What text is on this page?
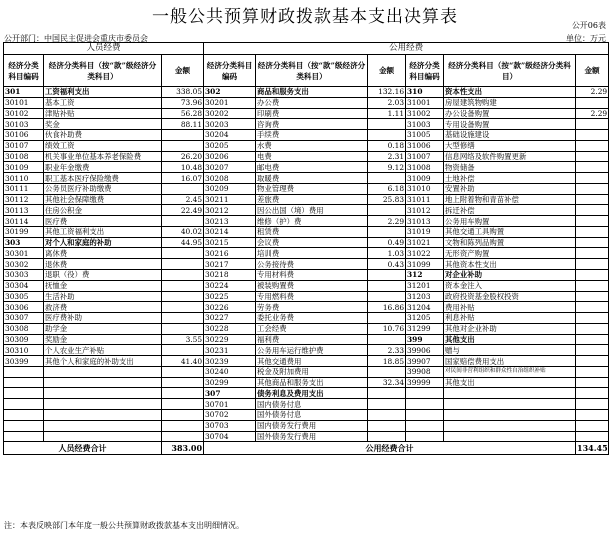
一般公共预算财政拨款基本支出决算表	公开06表
公开部门：中国民主促进会重庆市委员会	单位：万元
人员经费			公用经费					
经济分类科目编码	经济分类科目（按“款”级经济分类科目）	金额	经济分类科目编码	经济分类科目（按“款”级经济分类科目）	金额	经济分类科目编码	经济分类科目（按“款”级经济分类科目）	金额
301	工资福利支出	338.05	302	商品和服务支出	132.16	310	资本性支出	2.29
30101	基本工资	73.96	30201	办公费	2.03	31001	房屋建筑物购建	
30102	津贴补贴	56.28	30202	印刷费	1.11	31002	办公设备购置	2.29
30103	奖金	88.11	30203	咨询费		31003	专用设备购置	
30106	伙食补助费		30204	手续费		31005	基础设施建设	
30107	绩效工资		30205	水费	0.18	31006	大型修缮	
30108	机关事业单位基本养老保险费	26.20	30206	电费	2.31	31007	信息网络及软件购置更新	
30109	职业年金缴费	10.48	30207	邮电费	9.12	31008	物资储备	
30110	职工基本医疗保险缴费	16.07	30208	取暖费		31009	土地补偿	
30111	公务员医疗补助缴费		30209	物业管理费	6.18	31010	安置补助	
30112	其他社会保障缴费	2.45	30211	差旅费	25.83	31011	地上附着物和青苗补偿	
30113	住房公积金	22.49	30212	因公出国（境）费用		31012	拆迁补偿	
30114	医疗费		30213	维修（护）费	2.29	31013	公务用车购置	
30199	其他工资福利支出	40.02	30214	租赁费		31019	其他交通工具购置	
303	对个人和家庭的补助	44.95	30215	会议费	0.49	31021	文物和陈列品购置	
30301	离休费		30216	培训费	1.03	31022	无形资产购置	
30302	退休费		30217	公务接待费	0.43	31099	其他资本性支出	
30303	退职（役）费		30218	专用材料费		312	对企业补助	
30304	抚恤金		30224	被装购置费		31201	资本金注入	
30305	生活补助		30225	专用燃料费		31203	政府投资基金股权投资	
30306	救济费		30226	劳务费	16.86	31204	费用补贴	
30307	医疗费补助		30227	委托业务费		31205	利息补贴	
30308	助学金		30228	工会经费	10.76	31299	其他对企业补助	
30309	奖励金	3.55	30229	福利费		399	其他支出	
30310	个人农业生产补贴		30231	公务用车运行维护费	2.33	39906	赠与	
30399	其他个人和家庭的补助支出	41.40	30239	其他交通费用	18.85	39907	国家赔偿费用支出	
			30240	税金及附加费用		39908	对民间非营利组织和群众性自治组织补贴	
			30299	其他商品和服务支出	32.34	39999	其他支出	
			307	债务利息及费用支出				
			30701	国内债务付息				
			30702	国外债务付息				
			30703	国内债务发行费用				
			30704	国外债务发行费用				
人员经费合计		383.00	公用经费合计					134.45
注：本表反映部门本年度一般公共预算财政拨款基本支出明细情况。
